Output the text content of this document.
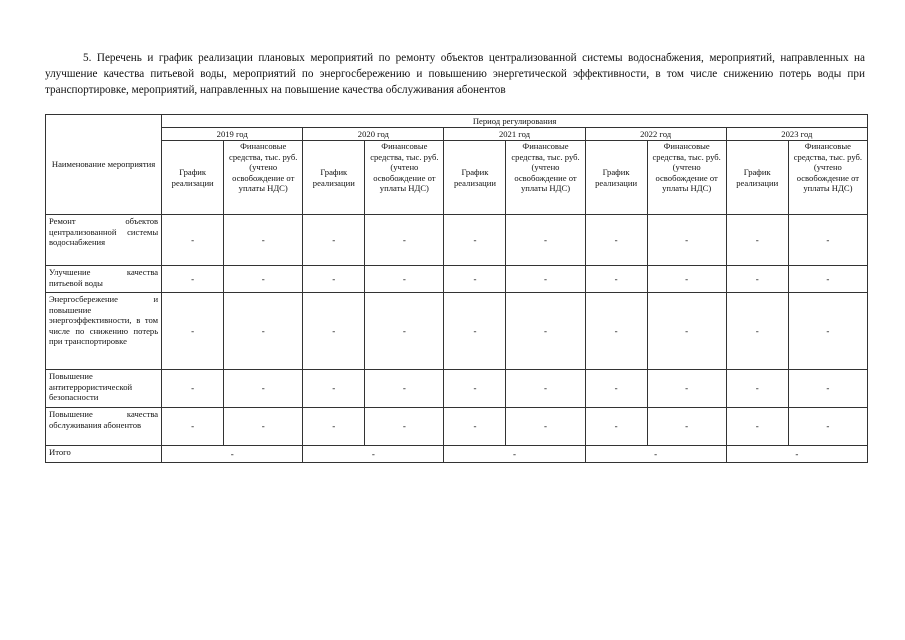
5. Перечень и график реализации плановых мероприятий по ремонту объектов централизованной системы водоснабжения, мероприятий, направленных на улучшение качества питьевой воды, мероприятий по энергосбережению и повышению энергетической эффективности, в том числе снижению потерь воды при транспортировке, мероприятий, направленных на повышение качества обслуживания абонентов
Наименование мероприятия	Период регулирования									
	2019 год		2020 год		2021 год		2022 год		2023 год	
	График реализации	Финансовые средства, тыс. руб. (учтено освобождение от уплаты НДС)	График реализации	Финансовые средства, тыс. руб. (учтено освобождение от уплаты НДС)	График реализации	Финансовые средства, тыс. руб. (учтено освобождение от уплаты НДС)	График реализации	Финансовые средства, тыс. руб. (учтено освобождение от уплаты НДС)	График реализации	Финансовые средства, тыс. руб. (учтено освобождение от уплаты НДС)
Ремонт объектов централизованной системы водоснабжения	-	-	-	-	-	-	-	-	-	-
Улучшение качества питьевой воды	-	-	-	-	-	-	-	-	-	-
Энергосбережение и повышение энергоэффективности, в том числе по снижению потерь при транспортировке	-	-	-	-	-	-	-	-	-	-
Повышение антитеррористической безопасности	-	-	-	-	-	-	-	-	-	-
Повышение качества обслуживания абонентов	-	-	-	-	-	-	-	-	-	-
Итого	-		-		-		-		-	
